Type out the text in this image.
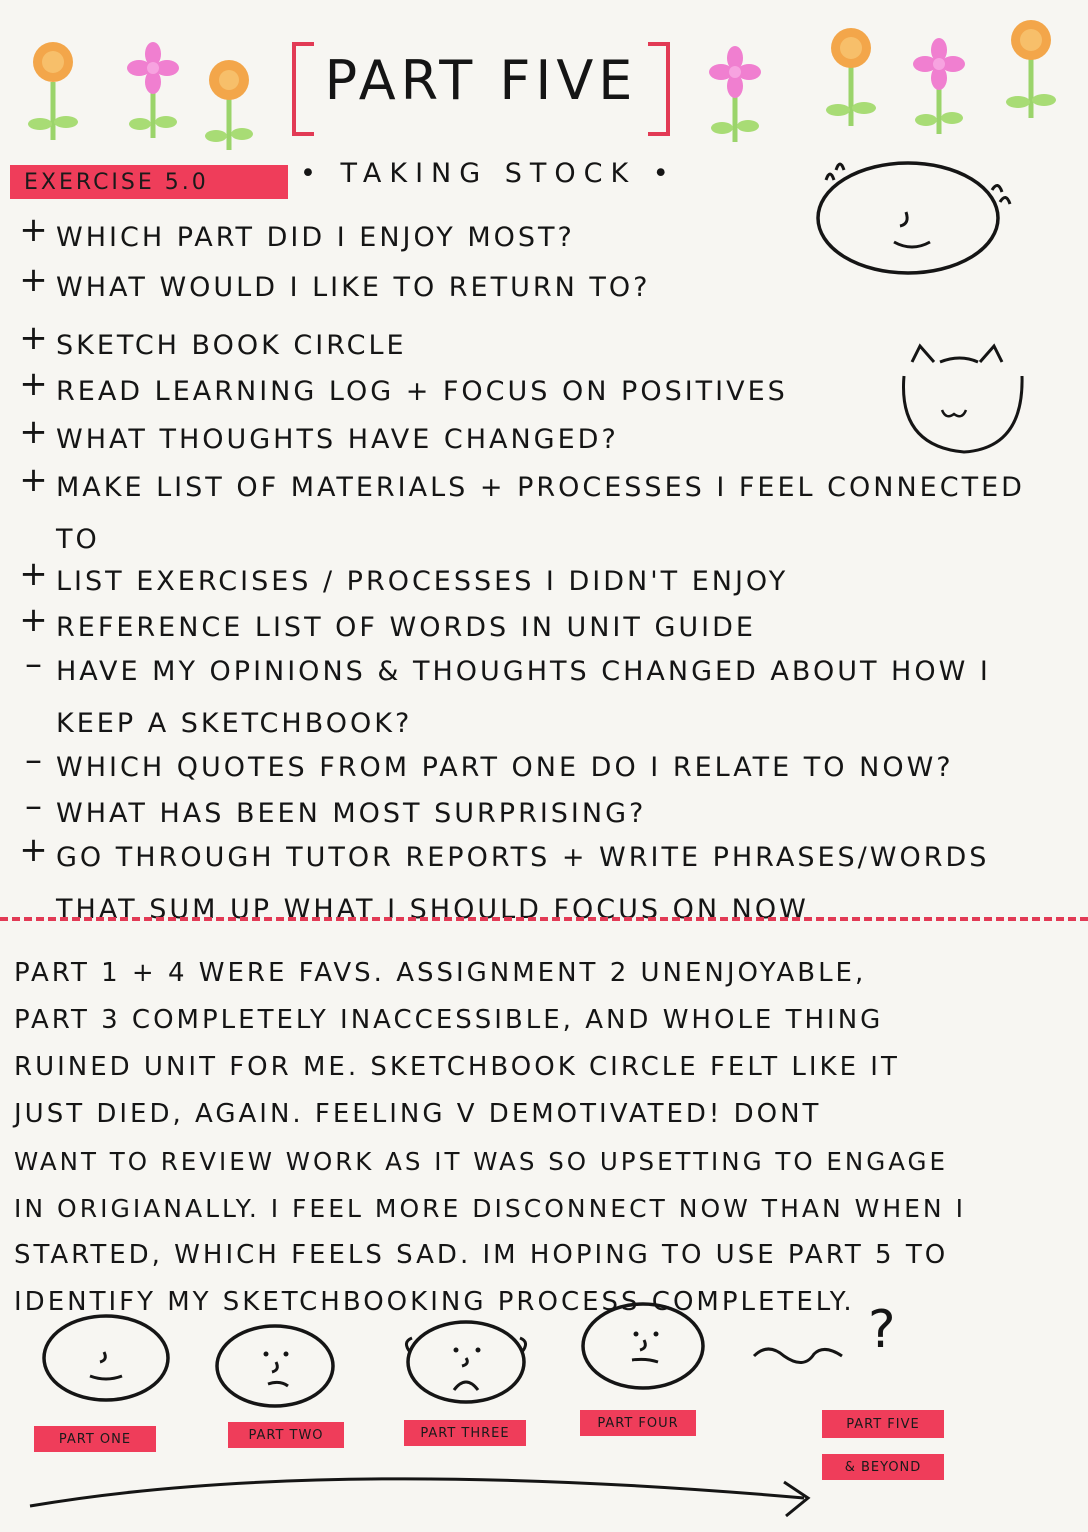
PART FIVE
EXERCISE 5.0	• TAKING STOCK •
+ WHICH PART DID I ENJOY MOST?
+ WHAT WOULD I LIKE TO RETURN TO?
+ SKETCH BOOK CIRCLE
+ READ LEARNING LOG + FOCUS ON POSITIVES
+ WHAT THOUGHTS HAVE CHANGED?
+ MAKE LIST OF MATERIALS + PROCESSES I FEEL CONNECTED TO
+ LIST EXERCISES / PROCESSES I DIDN'T ENJOY
+ REFERENCE LIST OF WORDS IN UNIT GUIDE
– HAVE MY OPINIONS & THOUGHTS CHANGED ABOUT HOW I KEEP A SKETCHBOOK?
– WHICH QUOTES FROM PART ONE DO I RELATE TO NOW?
– WHAT HAS BEEN MOST SURPRISING?
+ GO THROUGH TUTOR REPORTS + WRITE PHRASES/WORDS THAT SUM UP WHAT I SHOULD FOCUS ON NOW
PART 1 + 4 WERE FAVS. ASSIGNMENT 2 UNENJOYABLE,
PART 3 COMPLETELY INACCESSIBLE, AND WHOLE THING
RUINED UNIT FOR ME. SKETCHBOOK CIRCLE FELT LIKE IT
JUST DIED, AGAIN. FEELING V DEMOTIVATED! DONT
WANT TO REVIEW WORK AS IT WAS SO UPSETTING TO ENGAGE
IN ORIGIANALLY. I FEEL MORE DISCONNECT NOW THAN WHEN I
STARTED, WHICH FEELS SAD. IM HOPING TO USE PART 5 TO
IDENTIFY MY SKETCHBOOKING PROCESS COMPLETELY. ?
PART ONE	PART TWO	PART THREE
PART FOUR	PART FIVE
& BEYOND
